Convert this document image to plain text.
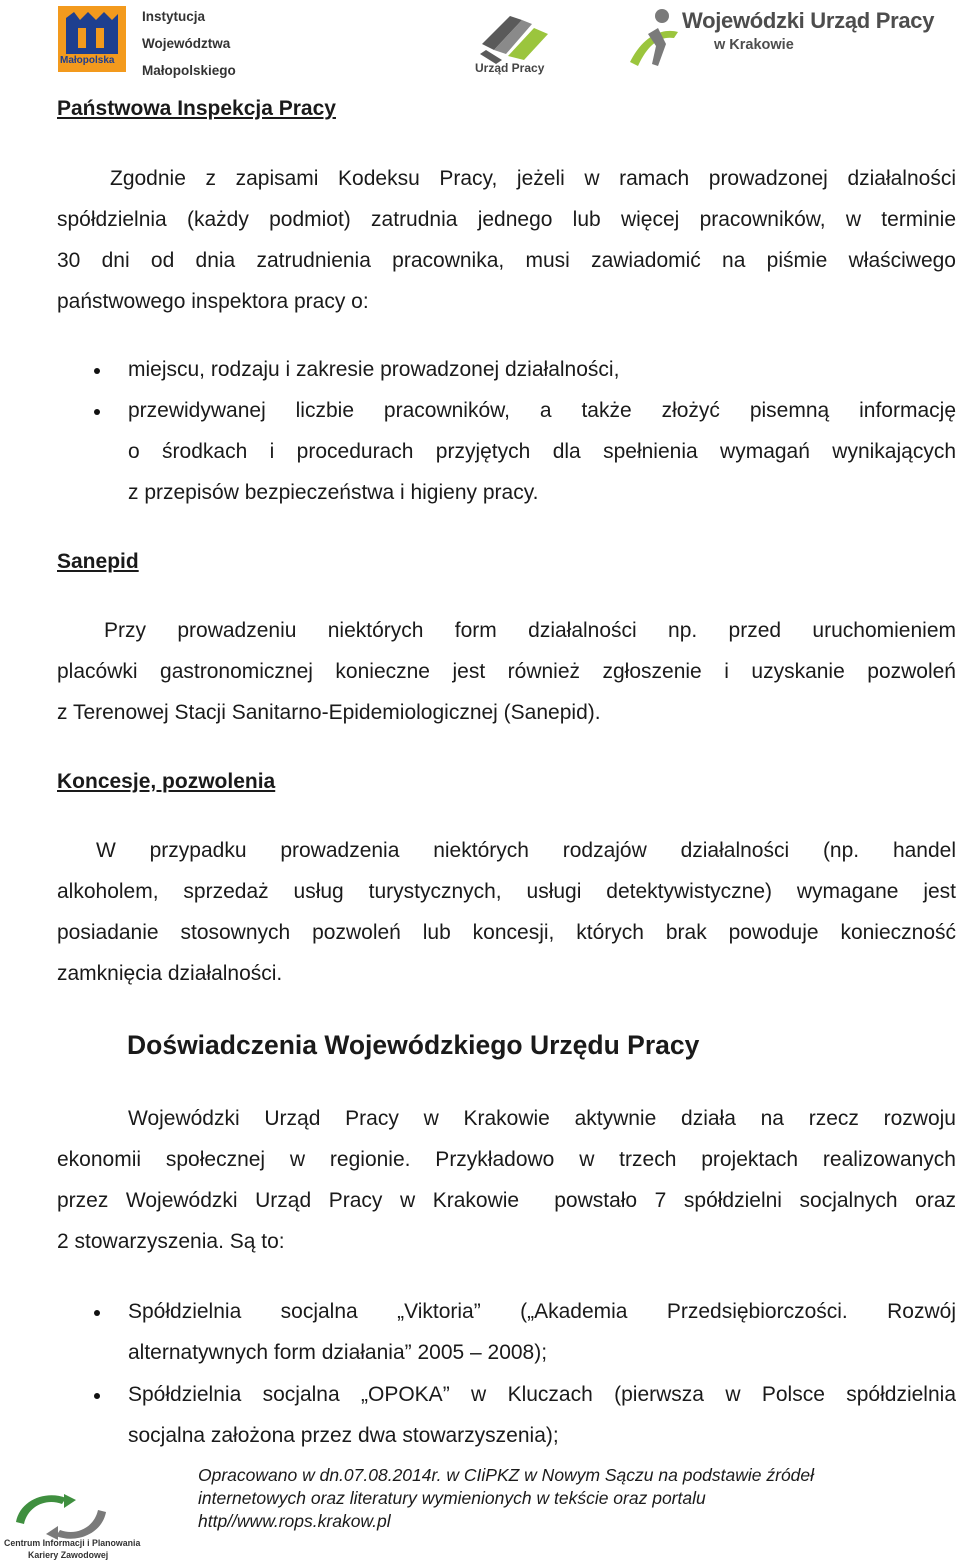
Instytucja
Województwa
Małopolskiego
Małopolska
Urząd Pracy
Wojewódzki Urząd Pracy
w Krakowie
Państwowa Inspekcja Pracy
Zgodnie z zapisami Kodeksu Pracy, jeżeli w ramach prowadzonej działalności
spółdzielnia (każdy podmiot) zatrudnia jednego lub więcej pracowników, w terminie
30 dni od dnia zatrudnienia pracownika, musi zawiadomić na piśmie właściwego
państwowego inspektora pracy o:
miejscu, rodzaju i zakresie prowadzonej działalności,
przewidywanej liczbie pracowników, a także złożyć pisemną informację
o środkach i procedurach przyjętych dla spełnienia wymagań wynikających
z przepisów bezpieczeństwa i higieny pracy.
Sanepid
Przy prowadzeniu niektórych form działalności np. przed uruchomieniem
placówki gastronomicznej konieczne jest również zgłoszenie i uzyskanie pozwoleń
z Terenowej Stacji Sanitarno-Epidemiologicznej (Sanepid).
Koncesje, pozwolenia
W przypadku prowadzenia niektórych rodzajów działalności (np. handel
alkoholem, sprzedaż usług turystycznych, usługi detektywistyczne) wymagane jest
posiadanie stosownych pozwoleń lub koncesji, których brak powoduje konieczność
zamknięcia działalności.
Doświadczenia Wojewódzkiego Urzędu Pracy
Wojewódzki Urząd Pracy w Krakowie aktywnie działa na rzecz rozwoju
ekonomii społecznej w regionie. Przykładowo w trzech projektach realizowanych
przez Wojewódzki Urząd Pracy w Krakowie  powstało 7 spółdzielni socjalnych oraz
2 stowarzyszenia. Są to:
Spółdzielnia socjalna „Viktoria” („Akademia Przedsiębiorczości. Rozwój
alternatywnych form działania” 2005 – 2008);
Spółdzielnia socjalna „OPOKA” w Kluczach (pierwsza w Polsce spółdzielnia
socjalna założona przez dwa stowarzyszenia);
Centrum Informacji i Planowania
Kariery Zawodowej
Opracowano w dn.07.08.2014r. w CIiPKZ w Nowym Sączu na podstawie źródeł
internetowych oraz literatury wymienionych w tekście oraz portalu
http//www.rops.krakow.pl
